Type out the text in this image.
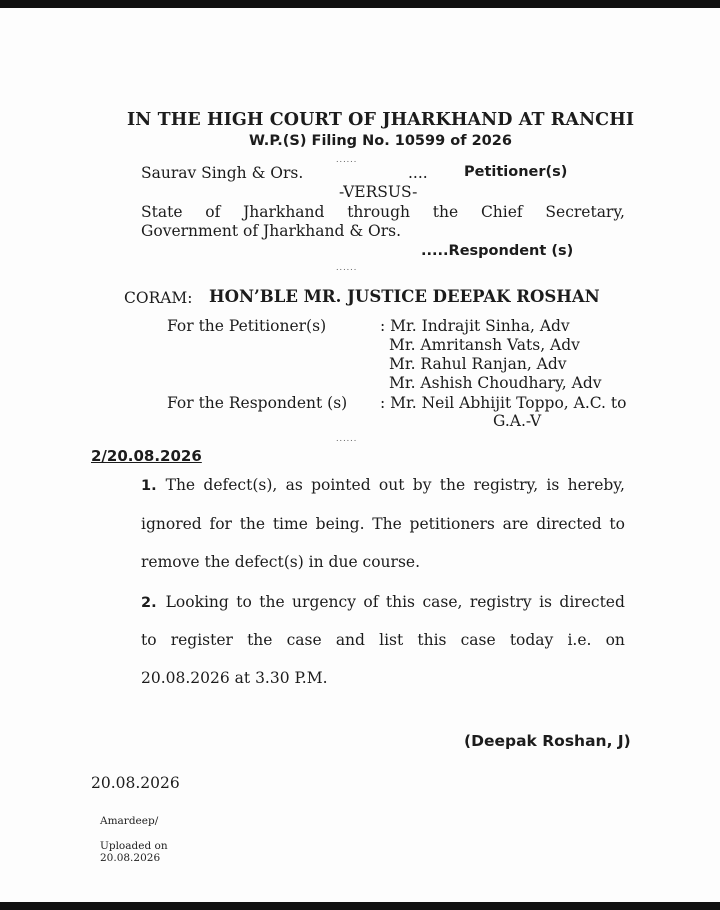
IN THE HIGH COURT OF JHARKHAND AT RANCHI
W.P.(S) Filing No. 10599 of 2026
......
Saurav Singh & Ors.	....	Petitioner(s)
-VERSUS-
State of Jharkhand through the Chief Secretary,
Government of Jharkhand & Ors.
.....Respondent (s)
......
CORAM: HON’BLE MR. JUSTICE DEEPAK ROSHAN
For the Petitioner(s)	: Mr. Indrajit Sinha, Adv
Mr. Amritansh Vats, Adv
Mr. Rahul Ranjan, Adv
Mr. Ashish Choudhary, Adv
For the Respondent (s) : Mr. Neil Abhijit Toppo, A.C. to
G.A.-V
......
2/20.08.2026
1. The defect(s), as pointed out by the registry, is hereby,
ignored for the time being. The petitioners are directed to
remove the defect(s) in due course.
2. Looking to the urgency of this case, registry is directed
to register the case and list this case today i.e. on
20.08.2026 at 3.30 P.M.
(Deepak Roshan, J)
20.08.2026
Amardeep/
Uploaded on
20.08.2026
